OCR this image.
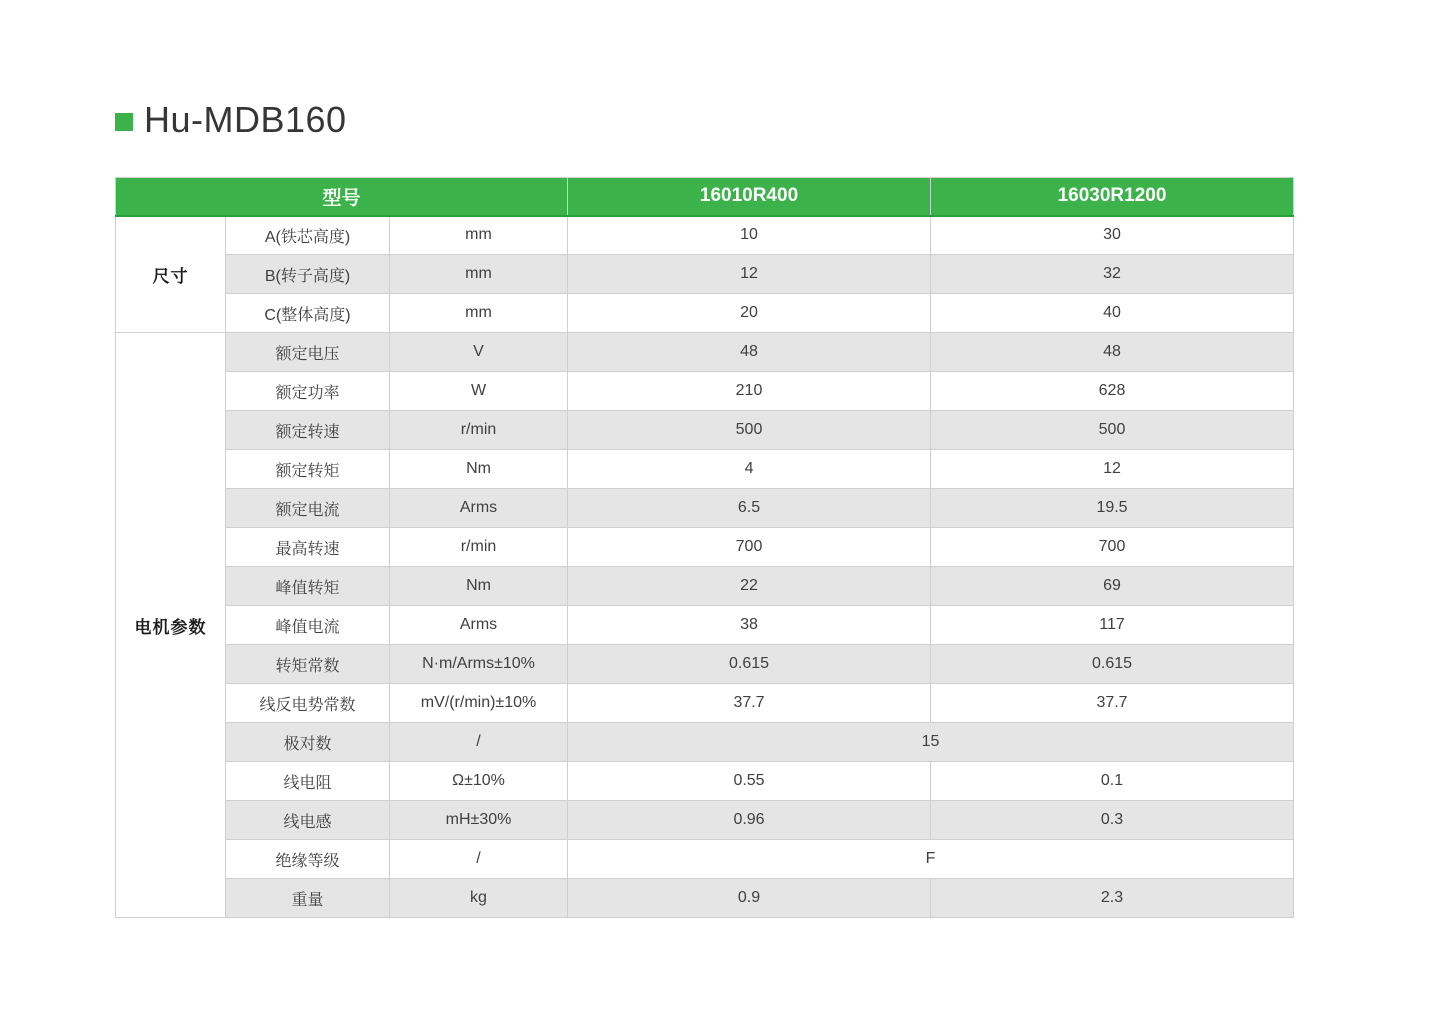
Hu-MDB160
型号			16010R400	16030R1200
尺寸	A(铁芯高度)	mm	10	30
	B(转子高度)	mm	12	32
	C(整体高度)	mm	20	40
电机参数	额定电压	V	48	48
	额定功率	W	210	628
	额定转速	r/min	500	500
	额定转矩	Nm	4	12
	额定电流	Arms	6.5	19.5
	最高转速	r/min	700	700
	峰值转矩	Nm	22	69
	峰值电流	Arms	38	117
	转矩常数	N·m/Arms±10%	0.615	0.615
	线反电势常数	mV/(r/min)±10%	37.7	37.7
	极对数	/	15	
	线电阻	Ω±10%	0.55	0.1
	线电感	mH±30%	0.96	0.3
	绝缘等级	/	F	
	重量	kg	0.9	2.3
